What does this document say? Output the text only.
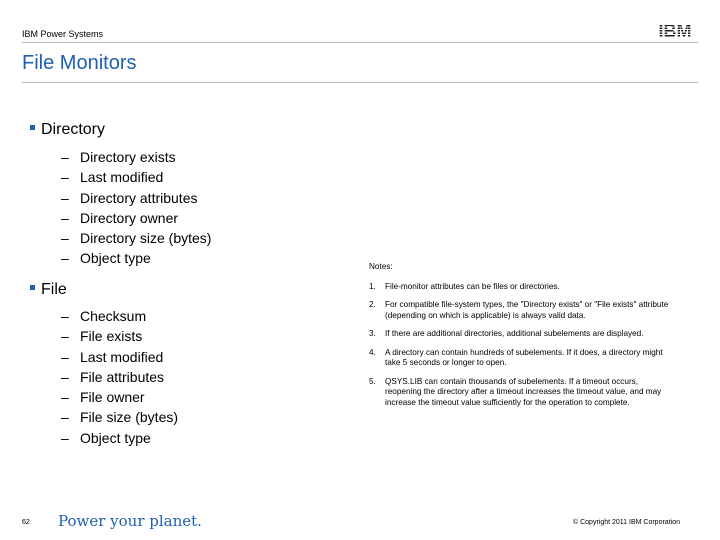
IBM Power Systems	IBM
File Monitors
Directory
– Directory exists
– Last modified
– Directory attributes
– Directory owner
– Directory size (bytes)
– Object type
File
– Checksum
– File exists
– Last modified
– File attributes
– File owner
– File size (bytes)
– Object type
Notes:
1.	File-monitor attributes can be files or directories.
2.	For compatible file-system types, the "Directory exists" or "File exists" attribute (depending on which is applicable) is always valid data.
3.	If there are additional directories, additional subelements are displayed.
4.	A directory can contain hundreds of subelements. If it does, a directory might take 5 seconds or longer to open.
5.	QSYS.LIB can contain thousands of subelements. If a timeout occurs, reopening the directory after a timeout increases the timeout value, and may increase the timeout value sufficiently for the operation to complete.
62 Power your planet.	© Copyright 2011 IBM Corporation
